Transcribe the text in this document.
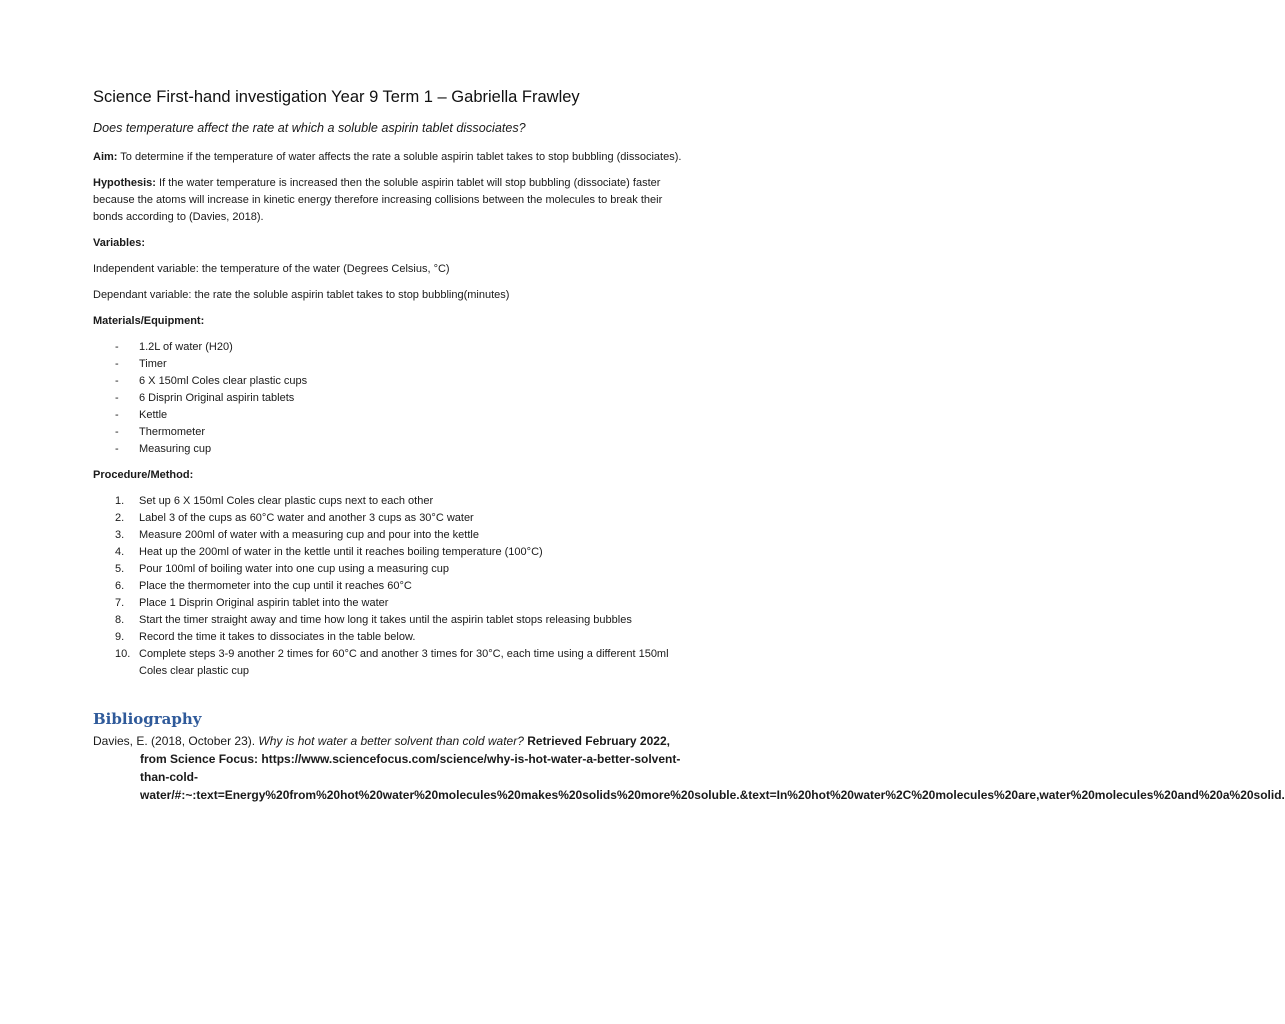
Science First-hand investigation Year 9 Term 1 – Gabriella Frawley
Does temperature affect the rate at which a soluble aspirin tablet dissociates?

Aim: To determine if the temperature of water affects the rate a soluble aspirin tablet takes to stop bubbling (dissociates).

Hypothesis: If the water temperature is increased then the soluble aspirin tablet will stop bubbling (dissociate) faster because the atoms will increase in kinetic energy therefore increasing collisions between the molecules to break their bonds according to (Davies, 2018).

Variables:

Independent variable: the temperature of the water (Degrees Celsius, °C)

Dependant variable: the rate the soluble aspirin tablet takes to stop bubbling(minutes)

Materials/Equipment:
- 1.2L of water (H20)
- Timer
- 6 X 150ml Coles clear plastic cups
- 6 Disprin Original aspirin tablets
- Kettle
- Thermometer
- Measuring cup
Procedure/Method:
1. Set up 6 X 150ml Coles clear plastic cups next to each other
2. Label 3 of the cups as 60°C water and another 3 cups as 30°C water
3. Measure 200ml of water with a measuring cup and pour into the kettle
4. Heat up the 200ml of water in the kettle until it reaches boiling temperature (100°C)
5. Pour 100ml of boiling water into one cup using a measuring cup
6. Place the thermometer into the cup until it reaches 60°C
7. Place 1 Disprin Original aspirin tablet into the water
8. Start the timer straight away and time how long it takes until the aspirin tablet stops releasing bubbles
9. Record the time it takes to dissociates in the table below.
10. Complete steps 3-9 another 2 times for 60°C and another 3 times for 30°C, each time using a different 150ml Coles clear plastic cup
Bibliography

Davies, E. (2018, October 23). Why is hot water a better solvent than cold water? Retrieved February 2022, from Science Focus: https://www.sciencefocus.com/science/why-is-hot-water-a-better-solvent-than-cold-water/#:~:text=Energy%20from%20hot%20water%20molecules%20makes%20solids%20more%20soluble.&text=In%20hot%20water%2C%20molecules%20are,water%20molecules%20and%20a%20solid.
